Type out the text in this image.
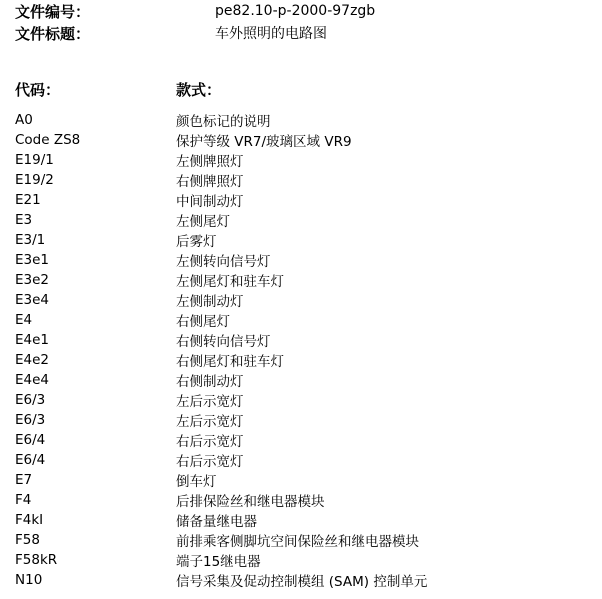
文件编号：	pe82.10-p-2000-97zgb
文件标题：	车外照明的电路图
代码：	款式：
A0	颜色标记的说明
Code ZS8	保护等级 VR7/玻璃区域 VR9
E19/1	左侧牌照灯
E19/2	右侧牌照灯
E21	中间制动灯
E3	左侧尾灯
E3/1	后雾灯
E3e1	左侧转向信号灯
E3e2	左侧尾灯和驻车灯
E3e4	左侧制动灯
E4	右侧尾灯
E4e1	右侧转向信号灯
E4e2	右侧尾灯和驻车灯
E4e4	右侧制动灯
E6/3	左后示宽灯
E6/3	左后示宽灯
E6/4	右后示宽灯
E6/4	右后示宽灯
E7	倒车灯
F4	后排保险丝和继电器模块
F4kI	储备量继电器
F58	前排乘客侧脚坑空间保险丝和继电器模块
F58kR	端子15继电器
N10	信号采集及促动控制模组 (SAM) 控制单元
